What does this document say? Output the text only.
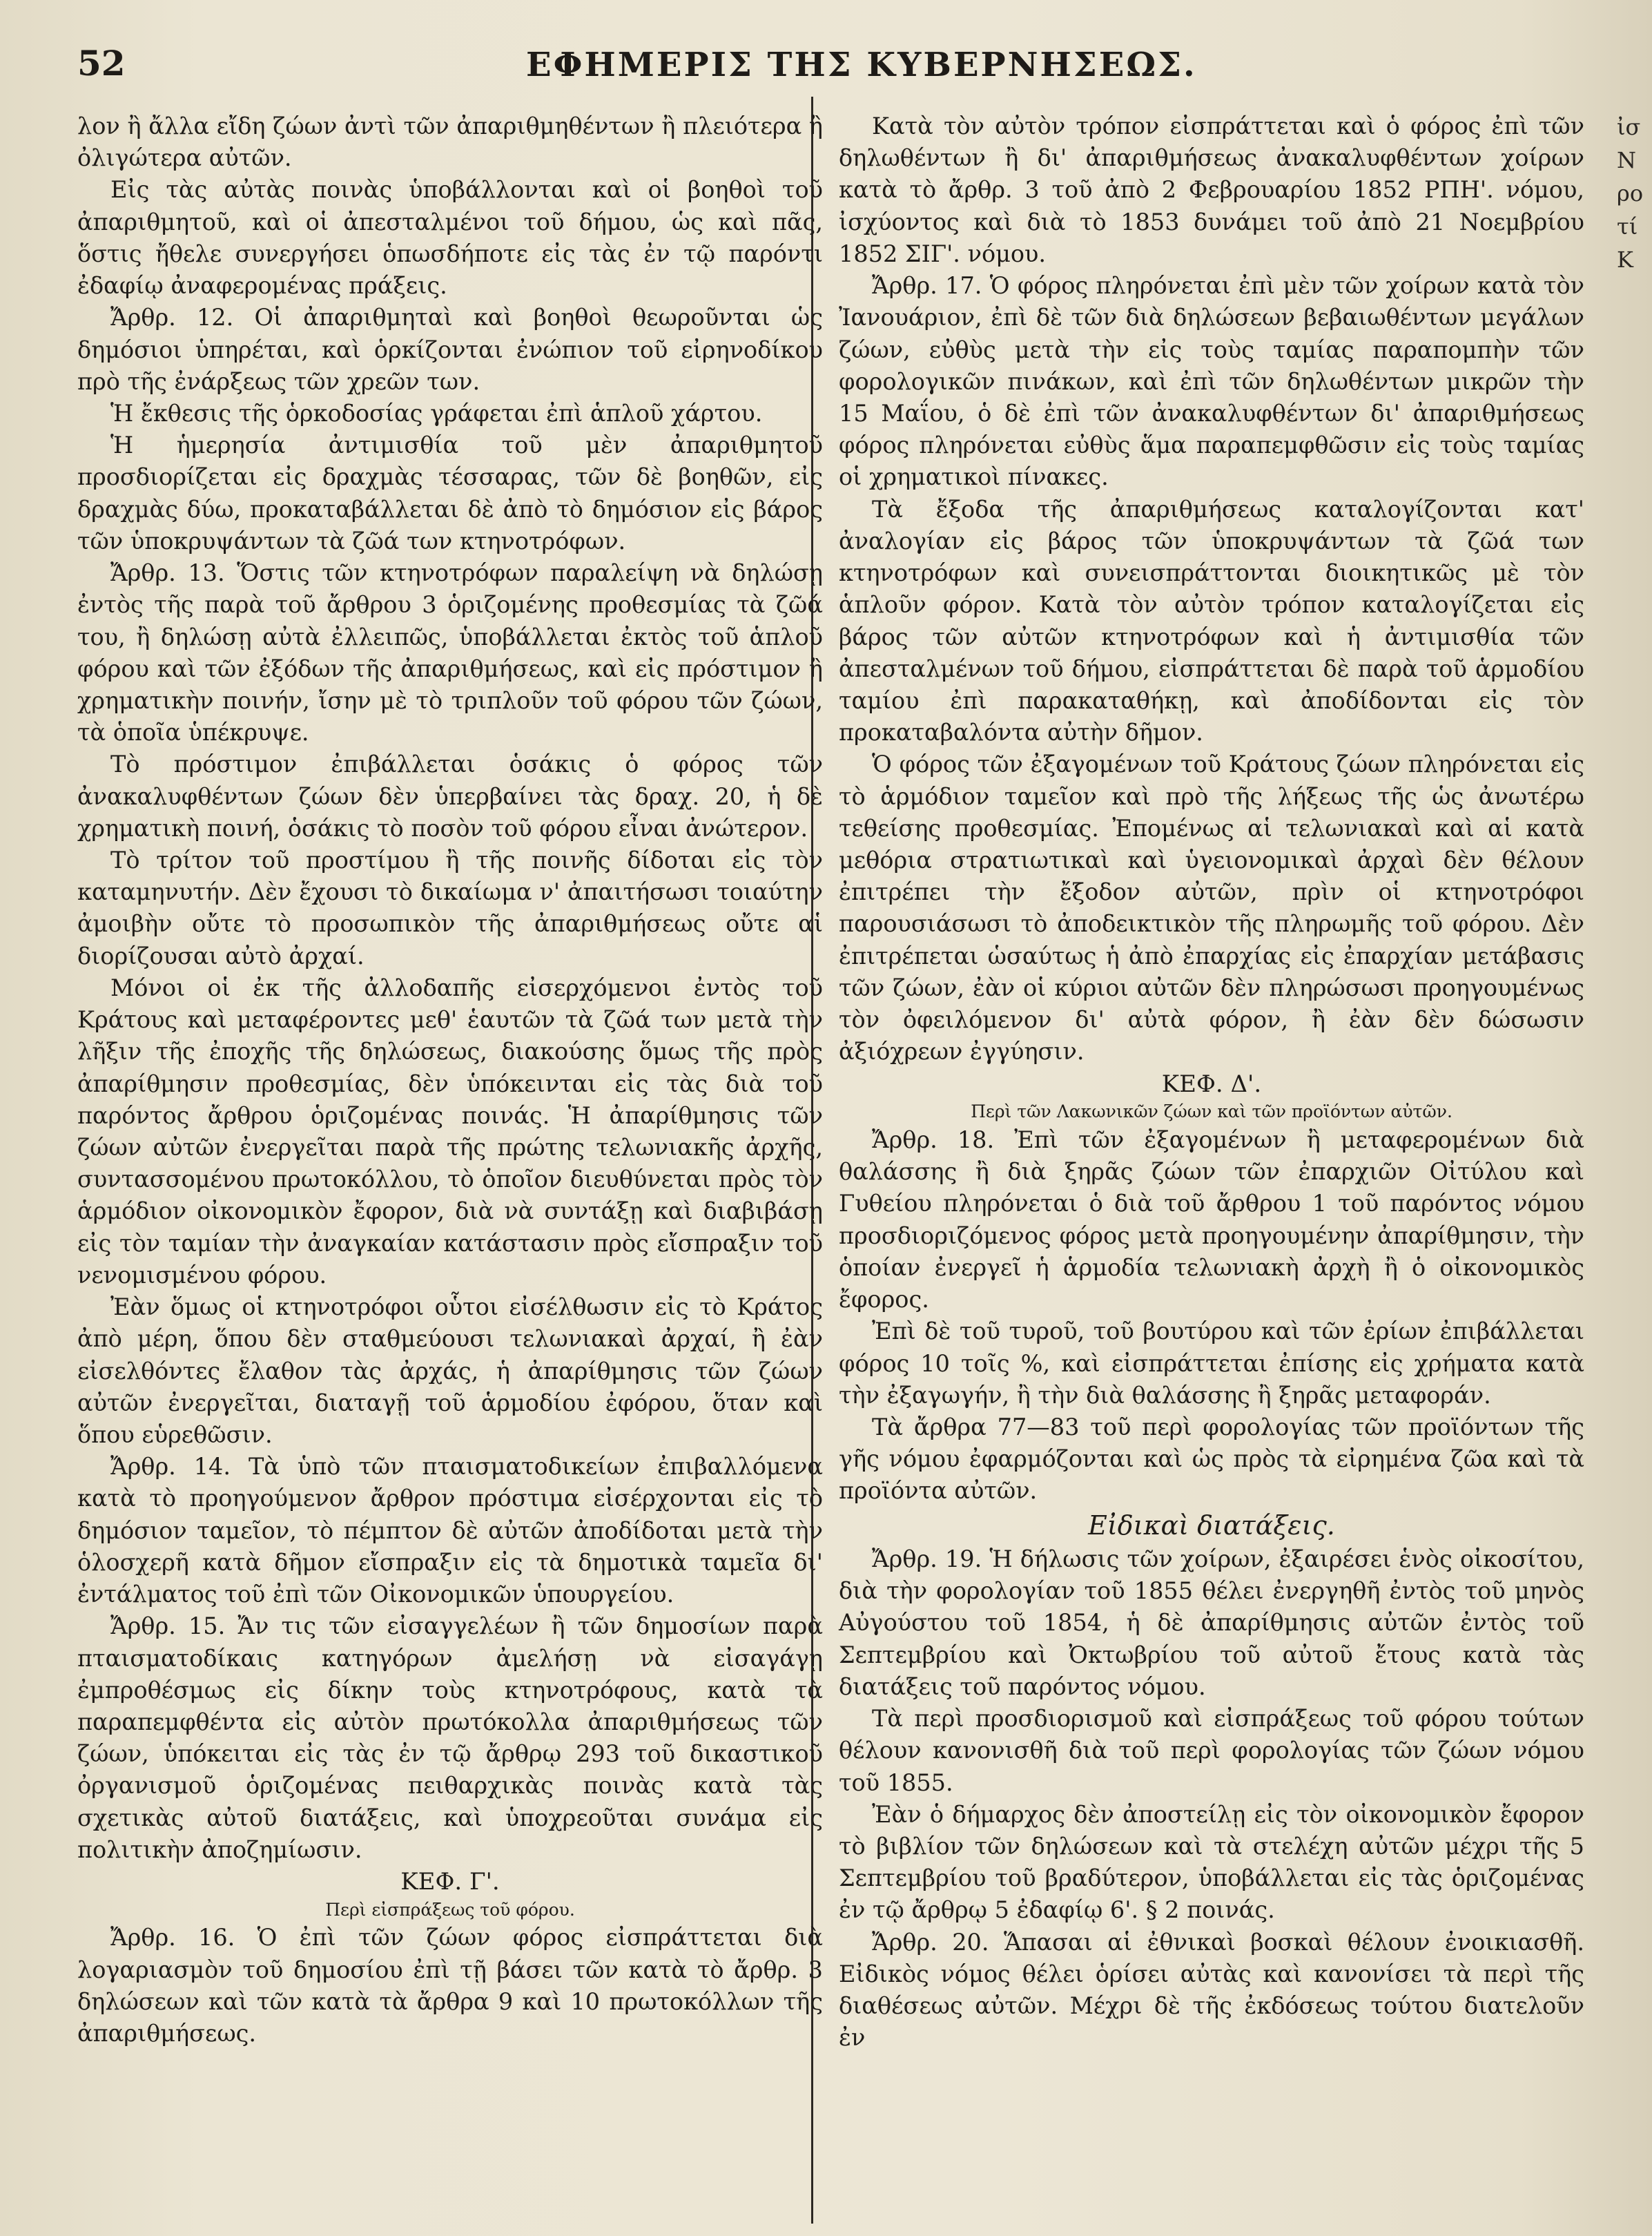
52	ΕΦΗΜΕΡΙΣ ΤΗΣ ΚΥΒΕΡΝΗΣΕΩΣ.

λον ἢ ἄλλα εἴδη ζώων ἀντὶ τῶν ἀπαριθμηθέντων ἢ πλειότερα ἢ ὀλιγώτερα αὐτῶν.

Εἰς τὰς αὐτὰς ποινὰς ὑποβάλλονται καὶ οἱ βοηθοὶ τοῦ ἀπαριθμητοῦ, καὶ οἱ ἀπεσταλμένοι τοῦ δήμου, ὡς καὶ πᾶς, ὅστις ἤθελε συνεργήσει ὁπωσδήποτε εἰς τὰς ἐν τῷ παρόντι ἐδαφίῳ ἀναφερομένας πράξεις.

Ἄρθρ. 12. Οἱ ἀπαριθμηταὶ καὶ βοηθοὶ θεωροῦνται ὡς δημόσιοι ὑπηρέται, καὶ ὁρκίζονται ἐνώπιον τοῦ εἰρηνοδίκου πρὸ τῆς ἐνάρξεως τῶν χρεῶν των.

Ἡ ἔκθεσις τῆς ὁρκοδοσίας γράφεται ἐπὶ ἁπλοῦ χάρτου.

Ἡ ἡμερησία ἀντιμισθία τοῦ μὲν ἀπαριθμητοῦ προσδιορίζεται εἰς δραχμὰς τέσσαρας, τῶν δὲ βοηθῶν, εἰς δραχμὰς δύω, προκαταβάλλεται δὲ ἀπὸ τὸ δημόσιον εἰς βάρος τῶν ὑποκρυψάντων τὰ ζῶά των κτηνοτρόφων.

Ἄρθρ. 13. Ὅστις τῶν κτηνοτρόφων παραλείψη νὰ δηλώσῃ ἐντὸς τῆς παρὰ τοῦ ἄρθρου 3 ὁριζομένης προθεσμίας τὰ ζῶά του, ἢ δηλώσῃ αὐτὰ ἐλλειπῶς, ὑποβάλλεται ἐκτὸς τοῦ ἁπλοῦ φόρου καὶ τῶν ἐξόδων τῆς ἀπαριθμήσεως, καὶ εἰς πρόστιμον ἢ χρηματικὴν ποινήν, ἴσην μὲ τὸ τριπλοῦν τοῦ φόρου τῶν ζώων, τὰ ὁποῖα ὑπέκρυψε.

Τὸ πρόστιμον ἐπιβάλλεται ὁσάκις ὁ φόρος τῶν ἀνακαλυφθέντων ζώων δὲν ὑπερβαίνει τὰς δραχ. 20, ἡ δὲ χρηματικὴ ποινή, ὁσάκις τὸ ποσὸν τοῦ φόρου εἶναι ἀνώτερον.

Τὸ τρίτον τοῦ προστίμου ἢ τῆς ποινῆς δίδοται εἰς τὸν καταμηνυτήν. Δὲν ἔχουσι τὸ δικαίωμα ν' ἀπαιτήσωσι τοιαύτην ἀμοιβὴν οὔτε τὸ προσωπικὸν τῆς ἀπαριθμήσεως οὔτε αἱ διορίζουσαι αὐτὸ ἀρχαί.

Μόνοι οἱ ἐκ τῆς ἀλλοδαπῆς εἰσερχόμενοι ἐντὸς τοῦ Κράτους καὶ μεταφέροντες μεθ' ἑαυτῶν τὰ ζῶά των μετὰ τὴν λῆξιν τῆς ἐποχῆς τῆς δηλώσεως, διακούσης ὅμως τῆς πρὸς ἀπαρίθμησιν προθεσμίας, δὲν ὑπόκεινται εἰς τὰς διὰ τοῦ παρόντος ἄρθρου ὁριζομένας ποινάς. Ἡ ἀπαρίθμησις τῶν ζώων αὐτῶν ἐνεργεῖται παρὰ τῆς πρώτης τελωνιακῆς ἀρχῆς, συντασσομένου πρωτοκόλλου, τὸ ὁποῖον διευθύνεται πρὸς τὸν ἁρμόδιον οἰκονομικὸν ἔφορον, διὰ νὰ συντάξῃ καὶ διαβιβάσῃ εἰς τὸν ταμίαν τὴν ἀναγκαίαν κατάστασιν πρὸς εἴσπραξιν τοῦ νενομισμένου φόρου.

Ἐὰν ὅμως οἱ κτηνοτρόφοι οὗτοι εἰσέλθωσιν εἰς τὸ Κράτος ἀπὸ μέρη, ὅπου δὲν σταθμεύουσι τελωνιακαὶ ἀρχαί, ἢ ἐὰν εἰσελθόντες ἔλαθον τὰς ἀρχάς, ἡ ἀπαρίθμησις τῶν ζώων αὐτῶν ἐνεργεῖται, διαταγῇ τοῦ ἁρμοδίου ἐφόρου, ὅταν καὶ ὅπου εὑρεθῶσιν.

Ἄρθρ. 14. Τὰ ὑπὸ τῶν πταισματοδικείων ἐπιβαλλόμενα κατὰ τὸ προηγούμενον ἄρθρον πρόστιμα εἰσέρχονται εἰς τὸ δημόσιον ταμεῖον, τὸ πέμπτον δὲ αὐτῶν ἀποδίδοται μετὰ τὴν ὁλοσχερῆ κατὰ δῆμον εἴσπραξιν εἰς τὰ δημοτικὰ ταμεῖα δι' ἐντάλματος τοῦ ἐπὶ τῶν Οἰκονομικῶν ὑπουργείου.

Ἄρθρ. 15. Ἄν τις τῶν εἰσαγγελέων ἢ τῶν δημοσίων παρὰ πταισματοδίκαις κατηγόρων ἀμελήσῃ νὰ εἰσαγάγῃ ἐμπροθέσμως εἰς δίκην τοὺς κτηνοτρόφους, κατὰ τὰ παραπεμφθέντα εἰς αὐτὸν πρωτόκολλα ἀπαριθμήσεως τῶν ζώων, ὑπόκειται εἰς τὰς ἐν τῷ ἄρθρῳ 293 τοῦ δικαστικοῦ ὀργανισμοῦ ὁριζομένας πειθαρχικὰς ποινὰς κατὰ τὰς σχετικὰς αὐτοῦ διατάξεις, καὶ ὑποχρεοῦται συνάμα εἰς πολιτικὴν ἀποζημίωσιν.

ΚΕΦ. Γ'.

Περὶ εἰσπράξεως τοῦ φόρου.

Ἄρθρ. 16. Ὁ ἐπὶ τῶν ζώων φόρος εἰσπράττεται διὰ λογαριασμὸν τοῦ δημοσίου ἐπὶ τῇ βάσει τῶν κατὰ τὸ ἄρθρ. 3 δηλώσεων καὶ τῶν κατὰ τὰ ἄρθρα 9 καὶ 10 πρωτοκόλλων τῆς ἀπαριθμήσεως.

Κατὰ τὸν αὐτὸν τρόπον εἰσπράττεται καὶ ὁ φόρος ἐπὶ τῶν δηλωθέντων ἢ δι' ἀπαριθμήσεως ἀνακαλυφθέντων χοίρων κατὰ τὸ ἄρθρ. 3 τοῦ ἀπὸ 2 Φεβρουαρίου 1852 ΡΠΗ'. νόμου, ἰσχύοντος καὶ διὰ τὸ 1853 δυνάμει τοῦ ἀπὸ 21 Νοεμβρίου 1852 ΣΙΓ'. νόμου.

Ἄρθρ. 17. Ὁ φόρος πληρόνεται ἐπὶ μὲν τῶν χοίρων κατὰ τὸν Ἰανουάριον, ἐπὶ δὲ τῶν διὰ δηλώσεων βεβαιωθέντων μεγάλων ζώων, εὐθὺς μετὰ τὴν εἰς τοὺς ταμίας παραπομπὴν τῶν φορολογικῶν πινάκων, καὶ ἐπὶ τῶν δηλωθέντων μικρῶν τὴν 15 Μαΐου, ὁ δὲ ἐπὶ τῶν ἀνακαλυφθέντων δι' ἀπαριθμήσεως φόρος πληρόνεται εὐθὺς ἅμα παραπεμφθῶσιν εἰς τοὺς ταμίας οἱ χρηματικοὶ πίνακες.

Τὰ ἔξοδα τῆς ἀπαριθμήσεως καταλογίζονται κατ' ἀναλογίαν εἰς βάρος τῶν ὑποκρυψάντων τὰ ζῶά των κτηνοτρόφων καὶ συνεισπράττονται διοικητικῶς μὲ τὸν ἁπλοῦν φόρον. Κατὰ τὸν αὐτὸν τρόπον καταλογίζεται εἰς βάρος τῶν αὐτῶν κτηνοτρόφων καὶ ἡ ἀντιμισθία τῶν ἀπεσταλμένων τοῦ δήμου, εἰσπράττεται δὲ παρὰ τοῦ ἁρμοδίου ταμίου ἐπὶ παρακαταθήκῃ, καὶ ἀποδίδονται εἰς τὸν προκαταβαλόντα αὐτὴν δῆμον.

Ὁ φόρος τῶν ἐξαγομένων τοῦ Κράτους ζώων πληρόνεται εἰς τὸ ἁρμόδιον ταμεῖον καὶ πρὸ τῆς λήξεως τῆς ὡς ἀνωτέρω τεθείσης προθεσμίας. Ἐπομένως αἱ τελωνιακαὶ καὶ αἱ κατὰ μεθόρια στρατιωτικαὶ καὶ ὑγειονομικαὶ ἀρχαὶ δὲν θέλουν ἐπιτρέπει τὴν ἔξοδον αὐτῶν, πρὶν οἱ κτηνοτρόφοι παρουσιάσωσι τὸ ἀποδεικτικὸν τῆς πληρωμῆς τοῦ φόρου. Δὲν ἐπιτρέπεται ὡσαύτως ἡ ἀπὸ ἐπαρχίας εἰς ἐπαρχίαν μετάβασις τῶν ζώων, ἐὰν οἱ κύριοι αὐτῶν δὲν πληρώσωσι προηγουμένως τὸν ὀφειλόμενον δι' αὐτὰ φόρον, ἢ ἐὰν δὲν δώσωσιν ἀξιόχρεων ἐγγύησιν.

ΚΕΦ. Δ'.

Περὶ τῶν Λακωνικῶν ζώων καὶ τῶν προϊόντων αὐτῶν.

Ἄρθρ. 18. Ἐπὶ τῶν ἐξαγομένων ἢ μεταφερομένων διὰ θαλάσσης ἢ διὰ ξηρᾶς ζώων τῶν ἐπαρχιῶν Οἰτύλου καὶ Γυθείου πληρόνεται ὁ διὰ τοῦ ἄρθρου 1 τοῦ παρόντος νόμου προσδιοριζόμενος φόρος μετὰ προηγουμένην ἀπαρίθμησιν, τὴν ὁποίαν ἐνεργεῖ ἡ ἁρμοδία τελωνιακὴ ἀρχὴ ἢ ὁ οἰκονομικὸς ἔφορος.

Ἐπὶ δὲ τοῦ τυροῦ, τοῦ βουτύρου καὶ τῶν ἐρίων ἐπιβάλλεται φόρος 10 τοῖς %, καὶ εἰσπράττεται ἐπίσης εἰς χρήματα κατὰ τὴν ἐξαγωγήν, ἢ τὴν διὰ θαλάσσης ἢ ξηρᾶς μεταφοράν.

Τὰ ἄρθρα 77—83 τοῦ περὶ φορολογίας τῶν προϊόντων τῆς γῆς νόμου ἐφαρμόζονται καὶ ὡς πρὸς τὰ εἰρημένα ζῶα καὶ τὰ προϊόντα αὐτῶν.

Εἰδικαὶ διατάξεις.

Ἄρθρ. 19. Ἡ δήλωσις τῶν χοίρων, ἐξαιρέσει ἑνὸς οἰκοσίτου, διὰ τὴν φορολογίαν τοῦ 1855 θέλει ἐνεργηθῆ ἐντὸς τοῦ μηνὸς Αὐγούστου τοῦ 1854, ἡ δὲ ἀπαρίθμησις αὐτῶν ἐντὸς τοῦ Σεπτεμβρίου καὶ Ὀκτωβρίου τοῦ αὐτοῦ ἔτους κατὰ τὰς διατάξεις τοῦ παρόντος νόμου.

Τὰ περὶ προσδιορισμοῦ καὶ εἰσπράξεως τοῦ φόρου τούτων θέλουν κανονισθῆ διὰ τοῦ περὶ φορολογίας τῶν ζώων νόμου τοῦ 1855.

Ἐὰν ὁ δήμαρχος δὲν ἀποστείλῃ εἰς τὸν οἰκονομικὸν ἔφορον τὸ βιβλίον τῶν δηλώσεων καὶ τὰ στελέχη αὐτῶν μέχρι τῆς 5 Σεπτεμβρίου τοῦ βραδύτερον, ὑποβάλλεται εἰς τὰς ὁριζομένας ἐν τῷ ἄρθρῳ 5 ἐδαφίῳ 6'. § 2 ποινάς.

Ἄρθρ. 20. Ἅπασαι αἱ ἐθνικαὶ βοσκαὶ θέλουν ἐνοικιασθῆ. Εἰδικὸς νόμος θέλει ὁρίσει αὐτὰς καὶ κανονίσει τὰ περὶ τῆς διαθέσεως αὐτῶν. Μέχρι δὲ τῆς ἐκδόσεως τούτου διατελοῦν ἐν

ἰσ
Ν
ρο
τί
Κ
